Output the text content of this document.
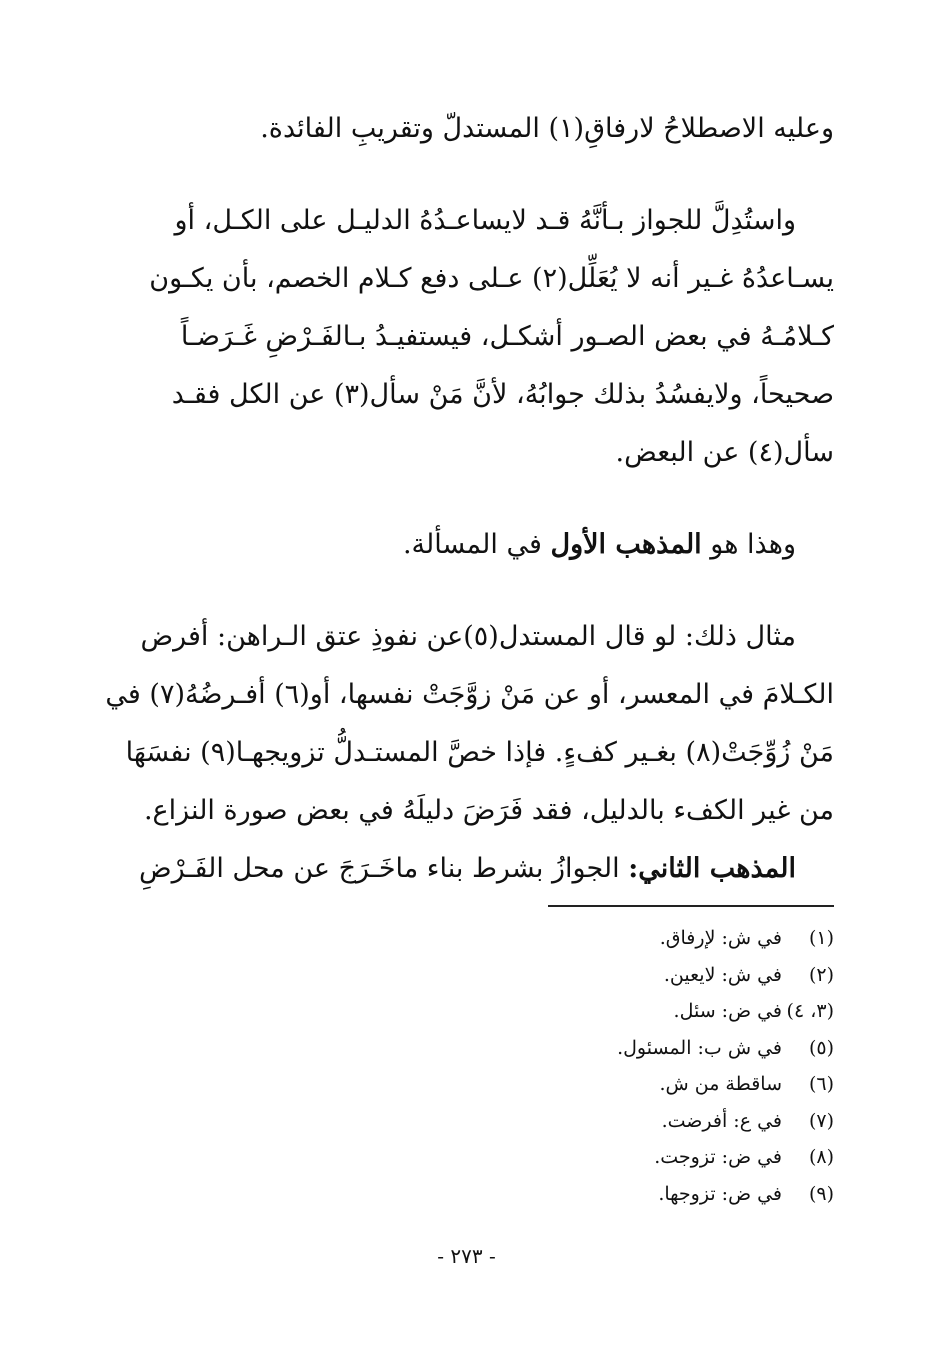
وعليه الاصطلاحُ لارفاقِ(١) المستدلّ وتقريبِ الفائدة.
واستُدِلَّ للجواز بـأنَّهُ قـد لايساعـدُهُ الدليـل على الكـل، أو
يسـاعدُهُ غـير أنه لا يُعَلِّل(٢) عـلى دفع كـلام الخصم، بأن يكـون
كـلامُـهُ في بعض الصـور أشكـل، فيستفيـدُ بـالفَـرْضِ غَـرَضـاً
صحيحاً، ولايفسُدُ بذلك جوابُهُ، لأنَّ مَنْ سأل(٣) عن الكل فقـد
سأل(٤) عن البعض.
وهذا هو المذهب الأول في المسألة.
مثال ذلك: لو قال المستدل(٥)عن نفوذِ عتق الـراهن: أفرض
الكـلامَ في المعسر، أو عن مَنْ زوَّجَتْ نفسها، أو(٦) أفـرضُهُ(٧) في
مَنْ زُوِّجَتْ(٨) بغـير كفءٍ. فإذا خصَّ المستـدلُّ تزويجهـا(٩) نفسَهَا
من غير الكفء بالدليل، فقد فَرَضَ دليلَهُ في بعض صورة النزاع.
المذهب الثاني: الجوازُ بشرط بناء ماخَـرَجَ عن محل الفَـرْضِ
(١)في ش: لإرفاق.
(٢)في ش: لايعين.
(٣، ٤)في ض: سئل.
(٥)في ش ب: المسئول.
(٦)ساقطة من ش.
(٧)في ع: أفرضت.
(٨)في ض: تزوجت.
(٩)في ض: تزوجها.
- ٢٧٣ -
